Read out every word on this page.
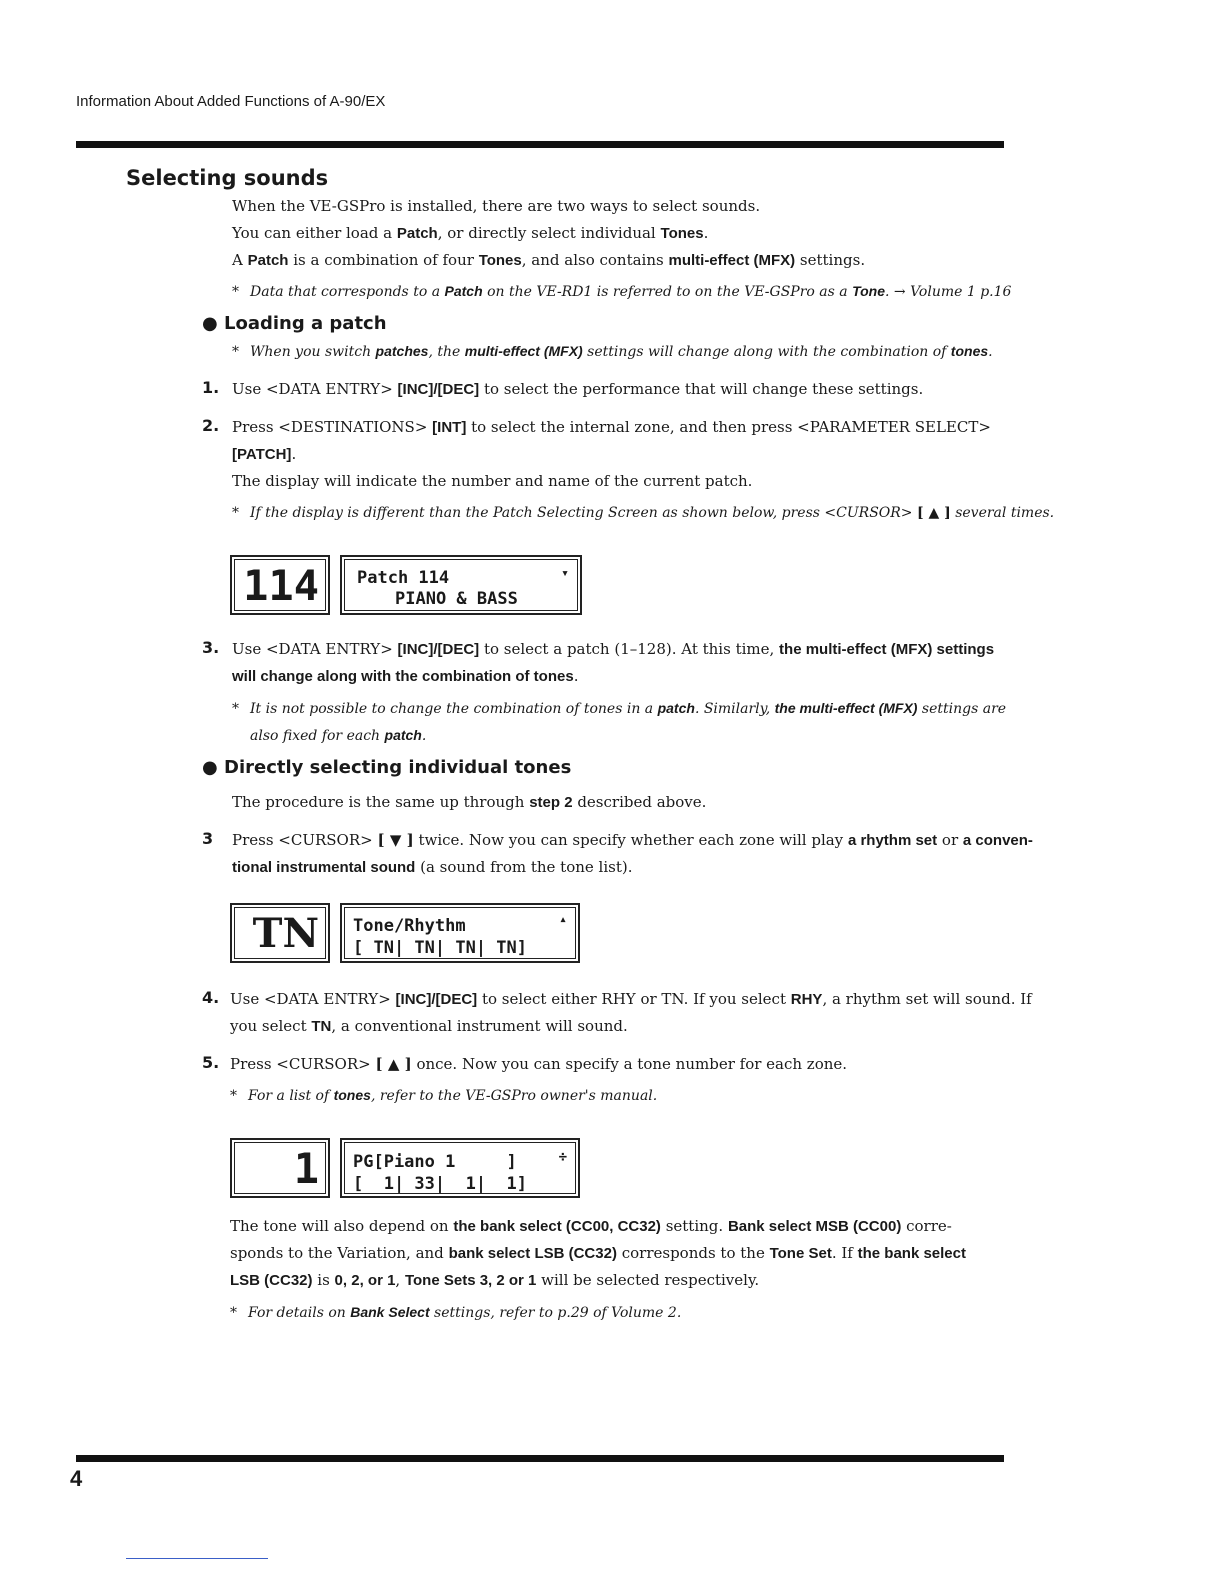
Information About Added Functions of A-90/EX
Selecting sounds
When the VE-GSPro is installed, there are two ways to select sounds.
You can either load a Patch, or directly select individual Tones.
A Patch is a combination of four Tones, and also contains multi-effect (MFX) settings.
* Data that corresponds to a Patch on the VE-RD1 is referred to on the VE-GSPro as a Tone. → Volume 1 p.16
● Loading a patch
* When you switch patches, the multi-effect (MFX) settings will change along with the combination of tones.
1. Use <DATA ENTRY> [INC]/[DEC] to select the performance that will change these settings.
2. Press <DESTINATIONS> [INT] to select the internal zone, and then press <PARAMETER SELECT>
[PATCH].
The display will indicate the number and name of the current patch.
* If the display is different than the Patch Selecting Screen as shown below, press <CURSOR> [ ▲ ] several times.
114	Patch 114
PIANO & BASS
▾
3. Use <DATA ENTRY> [INC]/[DEC] to select a patch (1–128). At this time, the multi-effect (MFX) settings
will change along with the combination of tones.
* It is not possible to change the combination of tones in a patch. Similarly, the multi-effect (MFX) settings are
also fixed for each patch.
● Directly selecting individual tones
The procedure is the same up through step 2 described above.
3 Press <CURSOR> [ ▼ ] twice. Now you can specify whether each zone will play a rhythm set or a conven-
tional instrumental sound (a sound from the tone list).
TN	Tone/Rhythm
[ TN| TN| TN| TN]
▴
4. Use <DATA ENTRY> [INC]/[DEC] to select either RHY or TN. If you select RHY, a rhythm set will sound. If
you select TN, a conventional instrument will sound.
5. Press <CURSOR> [ ▲ ] once. Now you can specify a tone number for each zone.
* For a list of tones, refer to the VE-GSPro owner's manual.
1	PG[Piano 1     ]
[  1| 33|  1|  1]
÷
The tone will also depend on the bank select (CC00, CC32) setting. Bank select MSB (CC00) corre-
sponds to the Variation, and bank select LSB (CC32) corresponds to the Tone Set. If the bank select
LSB (CC32) is 0, 2, or 1, Tone Sets 3, 2 or 1 will be selected respectively.
* For details on Bank Select settings, refer to p.29 of Volume 2.
4
